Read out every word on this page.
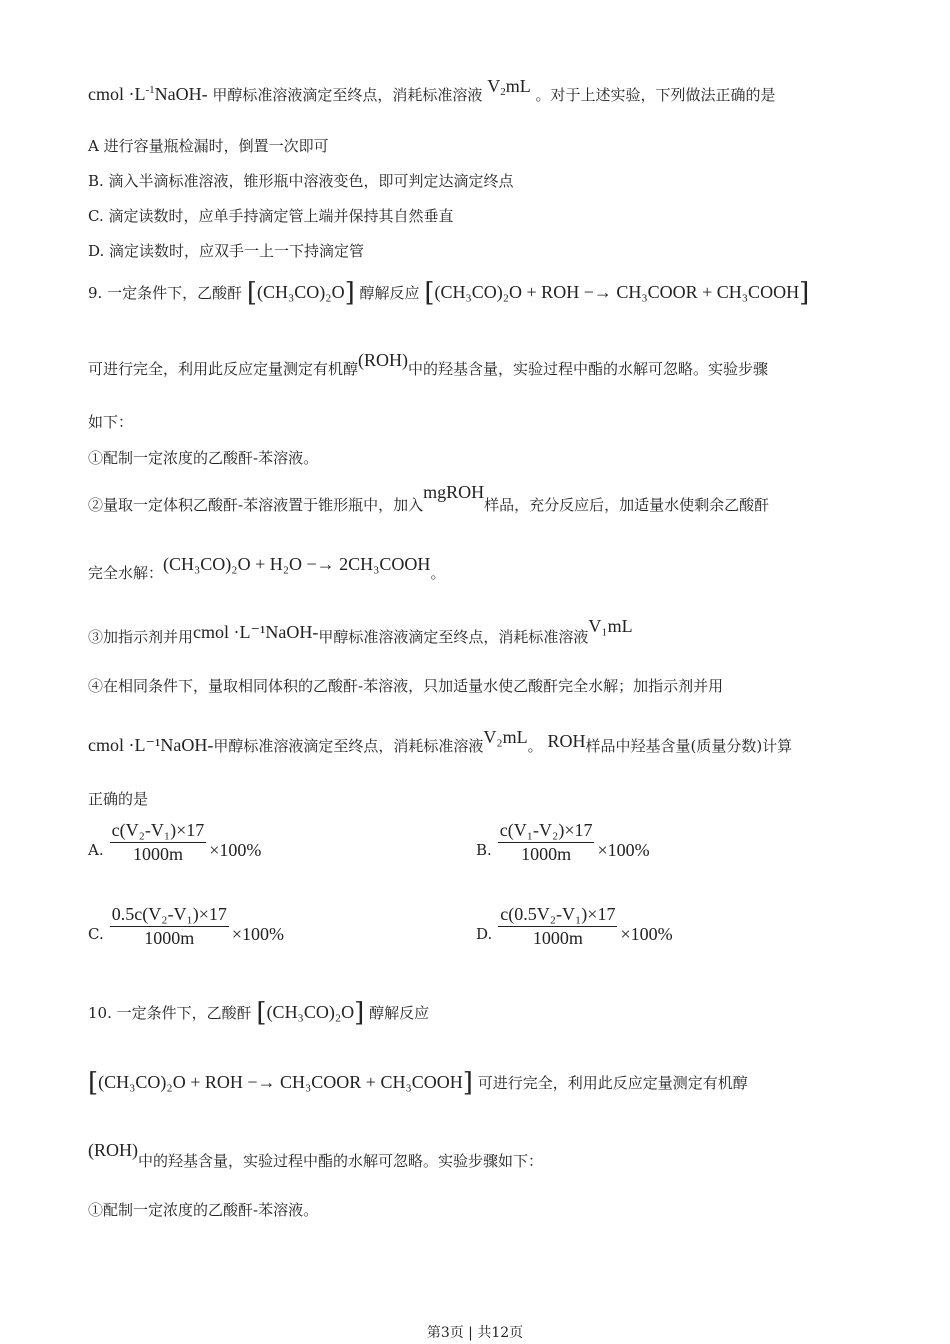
cmol $\cdot L^{-1}NaOH-$ 甲醇标准溶液滴定至终点，消耗标准溶液 $V_2mL$ 。对于上述实验，下列做法正确的是
A 进行容量瓶检漏时，倒置一次即可
B. 滴入半滴标准溶液，锥形瓶中溶液变色，即可判定达滴定终点
C. 滴定读数时，应单手持滴定管上端并保持其自然垂直
D. 滴定读数时，应双手一上一下持滴定管
9. 一定条件下，乙酸酐 [(CH₃CO)₂O] 醇解反应 [(CH₃CO)₂O + ROH −→ CH₃COOR + CH₃COOH]
可进行完全，利用此反应定量测定有机醇(ROH)中的羟基含量，实验过程中酯的水解可忽略。实验步骤
如下：
①配制一定浓度的乙酸酐-苯溶液。
②量取一定体积乙酸酐-苯溶液置于锥形瓶中，加入mgROH样品，充分反应后，加适量水使剩余乙酸酐
完全水解：(CH₃CO)₂O + H₂O −→ 2CH₃COOH。
③加指示剂并用cmol ·L⁻¹NaOH-甲醇标准溶液滴定至终点，消耗标准溶液V₁mL
④在相同条件下，量取相同体积的乙酸酐-苯溶液，只加适量水使乙酸酐完全水解；加指示剂并用
cmol ·L⁻¹NaOH-甲醇标准溶液滴定至终点，消耗标准溶液V₂mL。 ROH样品中羟基含量(质量分数)计算
正确的是
A. $\frac{\text{c(V₂-V₁)×17}}{1000m} \times 100\%$	B. $\frac{\text{c(V₁-V₂)×17}}{1000m} \times 100\%$
C. $\frac{\text{0.5c(V₂-V₁)×17}}{1000m} \times 100\%$	D. $\frac{\text{c(0.5V₂-V₁)×17}}{1000m} \times 100\%$
10. 一定条件下，乙酸酐 [(CH₃CO)₂O] 醇解反应
[(CH₃CO)₂O + ROH −→ CH₃COOR + CH₃COOH] 可进行完全，利用此反应定量测定有机醇
(ROH)中的羟基含量，实验过程中酯的水解可忽略。实验步骤如下：
①配制一定浓度的乙酸酐-苯溶液。
第3页 | 共12页
